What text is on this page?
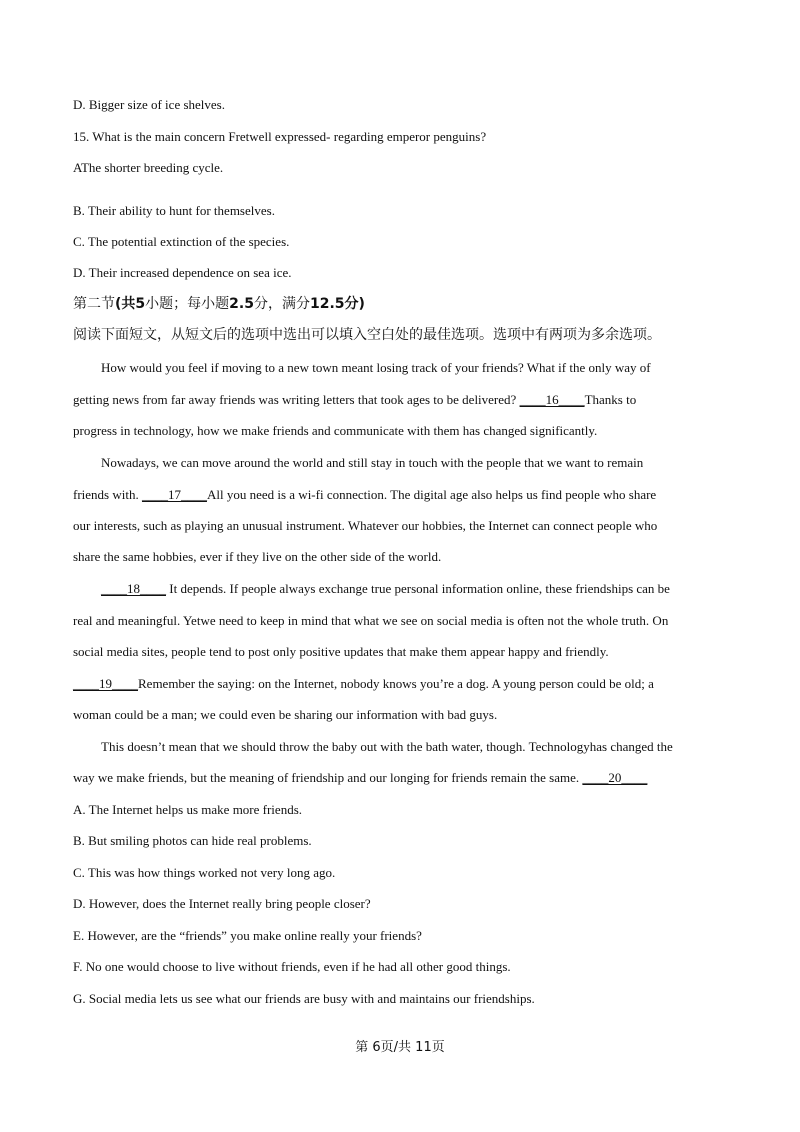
D. Bigger size of ice shelves.
15. What is the main concern Fretwell expressed- regarding emperor penguins?
AThe shorter breeding cycle.
B. Their ability to hunt for themselves.
C. The potential extinction of the species.
D. Their increased dependence on sea ice.
第二节(共5小题；每小题2.5分，满分12.5分)
阅读下面短文，从短文后的选项中选出可以填入空白处的最佳选项。选项中有两项为多余选项。
How would you feel if moving to a new town meant losing track of your friends? What if the only way of
getting news from far away friends was writing letters that took ages to be delivered? ____16____Thanks to
progress in technology, how we make friends and communicate with them has changed significantly.
Nowadays, we can move around the world and still stay in touch with the people that we want to remain
friends with. ____17____All you need is a wi-fi connection. The digital age also helps us find people who share
our interests, such as playing an unusual instrument. Whatever our hobbies, the Internet can connect people who
share the same hobbies, ever if they live on the other side of the world.
____18____ It depends. If people always exchange true personal information online, these friendships can be
real and meaningful. Yetwe need to keep in mind that what we see on social media is often not the whole truth. On
social media sites, people tend to post only positive updates that make them appear happy and friendly.
____19____Remember the saying: on the Internet, nobody knows you’re a dog. A young person could be old; a
woman could be a man; we could even be sharing our information with bad guys.
This doesn’t mean that we should throw the baby out with the bath water, though. Technologyhas changed the
way we make friends, but the meaning of friendship and our longing for friends remain the same. ____20____
A. The Internet helps us make more friends.
B. But smiling photos can hide real problems.
C. This was how things worked not very long ago.
D. However, does the Internet really bring people closer?
E. However, are the “friends” you make online really your friends?
F. No one would choose to live without friends, even if he had all other good things.
G. Social media lets us see what our friends are busy with and maintains our friendships.
第 6页/共 11页
